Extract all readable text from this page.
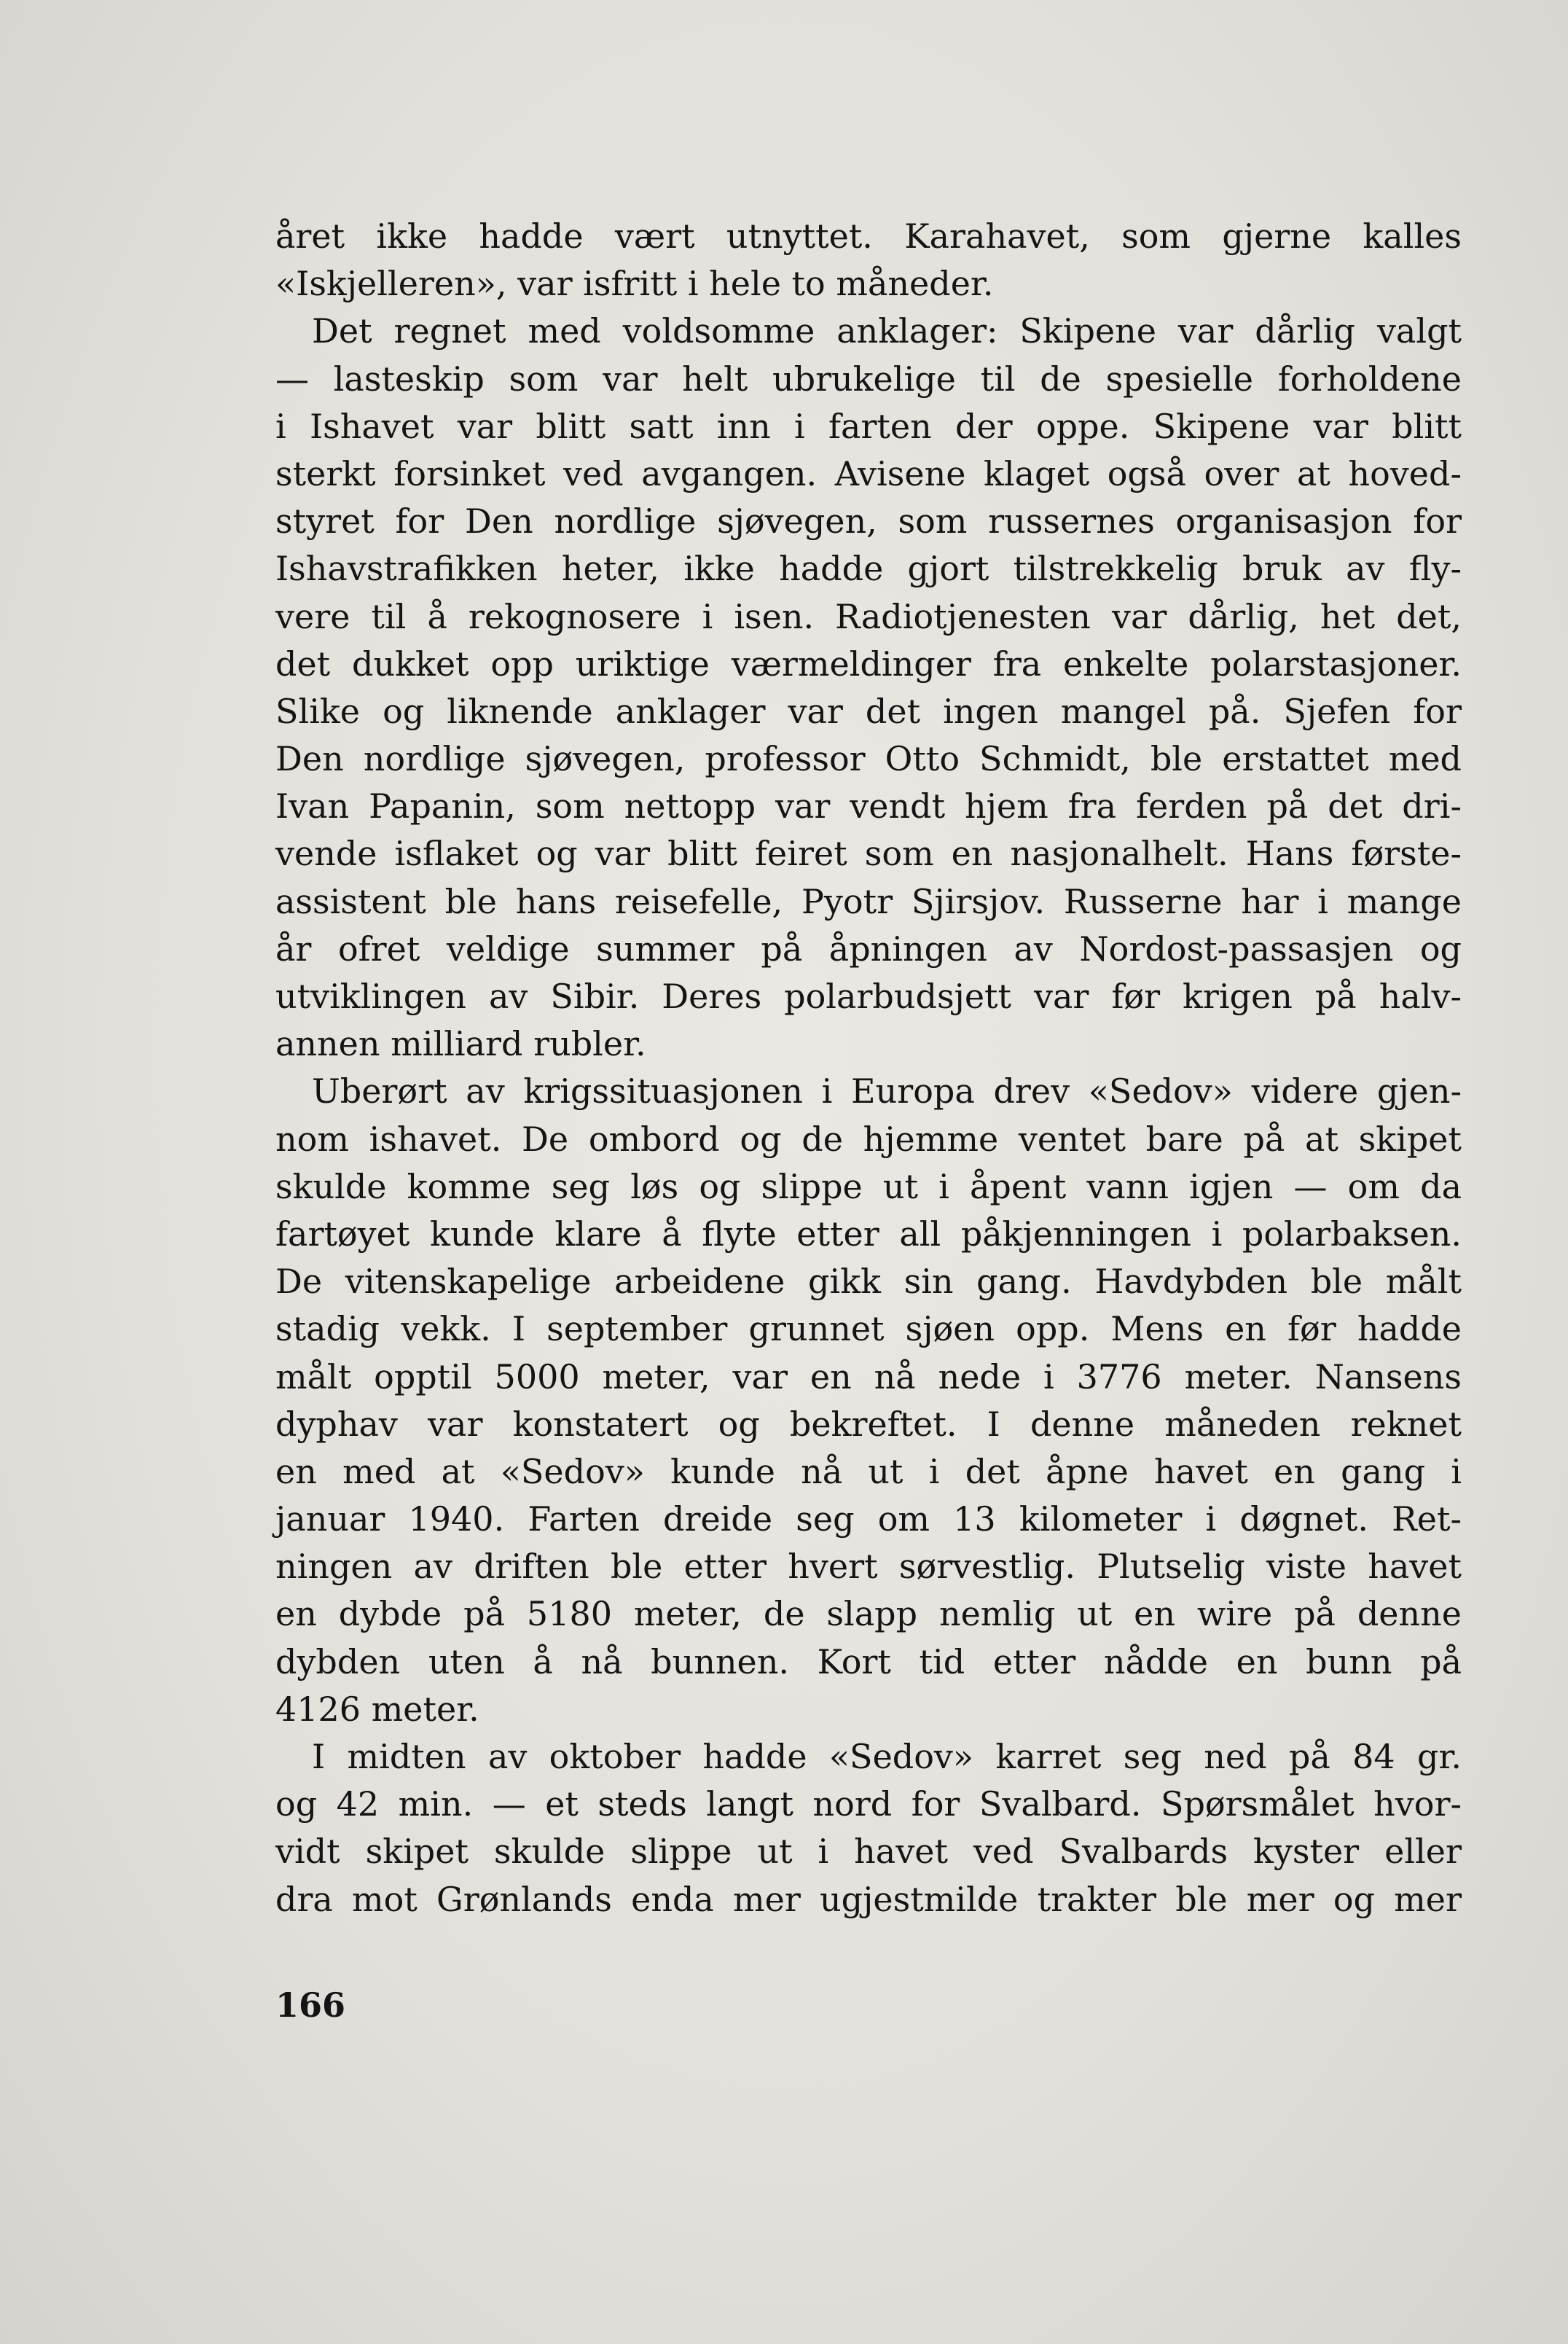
året ikke hadde vært utnyttet. Karahavet, som gjerne kalles
«Iskjelleren», var isfritt i hele to måneder.
Det regnet med voldsomme anklager: Skipene var dårlig valgt
— lasteskip som var helt ubrukelige til de spesielle forholdene
i Ishavet var blitt satt inn i farten der oppe. Skipene var blitt
sterkt forsinket ved avgangen. Avisene klaget også over at hoved-
styret for Den nordlige sjøvegen, som russernes organisasjon for
Ishavstrafikken heter, ikke hadde gjort tilstrekkelig bruk av fly-
vere til å rekognosere i isen. Radiotjenesten var dårlig, het det,
det dukket opp uriktige værmeldinger fra enkelte polarstasjoner.
Slike og liknende anklager var det ingen mangel på. Sjefen for
Den nordlige sjøvegen, professor Otto Schmidt, ble erstattet med
Ivan Papanin, som nettopp var vendt hjem fra ferden på det dri-
vende isflaket og var blitt feiret som en nasjonalhelt. Hans første-
assistent ble hans reisefelle, Pyotr Sjirsjov. Russerne har i mange
år ofret veldige summer på åpningen av Nordost-passasjen og
utviklingen av Sibir. Deres polarbudsjett var før krigen på halv-
annen milliard rubler.
Uberørt av krigssituasjonen i Europa drev «Sedov» videre gjen-
nom ishavet. De ombord og de hjemme ventet bare på at skipet
skulde komme seg løs og slippe ut i åpent vann igjen — om da
fartøyet kunde klare å flyte etter all påkjenningen i polarbaksen.
De vitenskapelige arbeidene gikk sin gang. Havdybden ble målt
stadig vekk. I september grunnet sjøen opp. Mens en før hadde
målt opptil 5000 meter, var en nå nede i 3776 meter. Nansens
dyphav var konstatert og bekreftet. I denne måneden reknet
en med at «Sedov» kunde nå ut i det åpne havet en gang i
januar 1940. Farten dreide seg om 13 kilometer i døgnet. Ret-
ningen av driften ble etter hvert sørvestlig. Plutselig viste havet
en dybde på 5180 meter, de slapp nemlig ut en wire på denne
dybden uten å nå bunnen. Kort tid etter nådde en bunn på
4126 meter.
I midten av oktober hadde «Sedov» karret seg ned på 84 gr.
og 42 min. — et steds langt nord for Svalbard. Spørsmålet hvor-
vidt skipet skulde slippe ut i havet ved Svalbards kyster eller
dra mot Grønlands enda mer ugjestmilde trakter ble mer og mer
166
